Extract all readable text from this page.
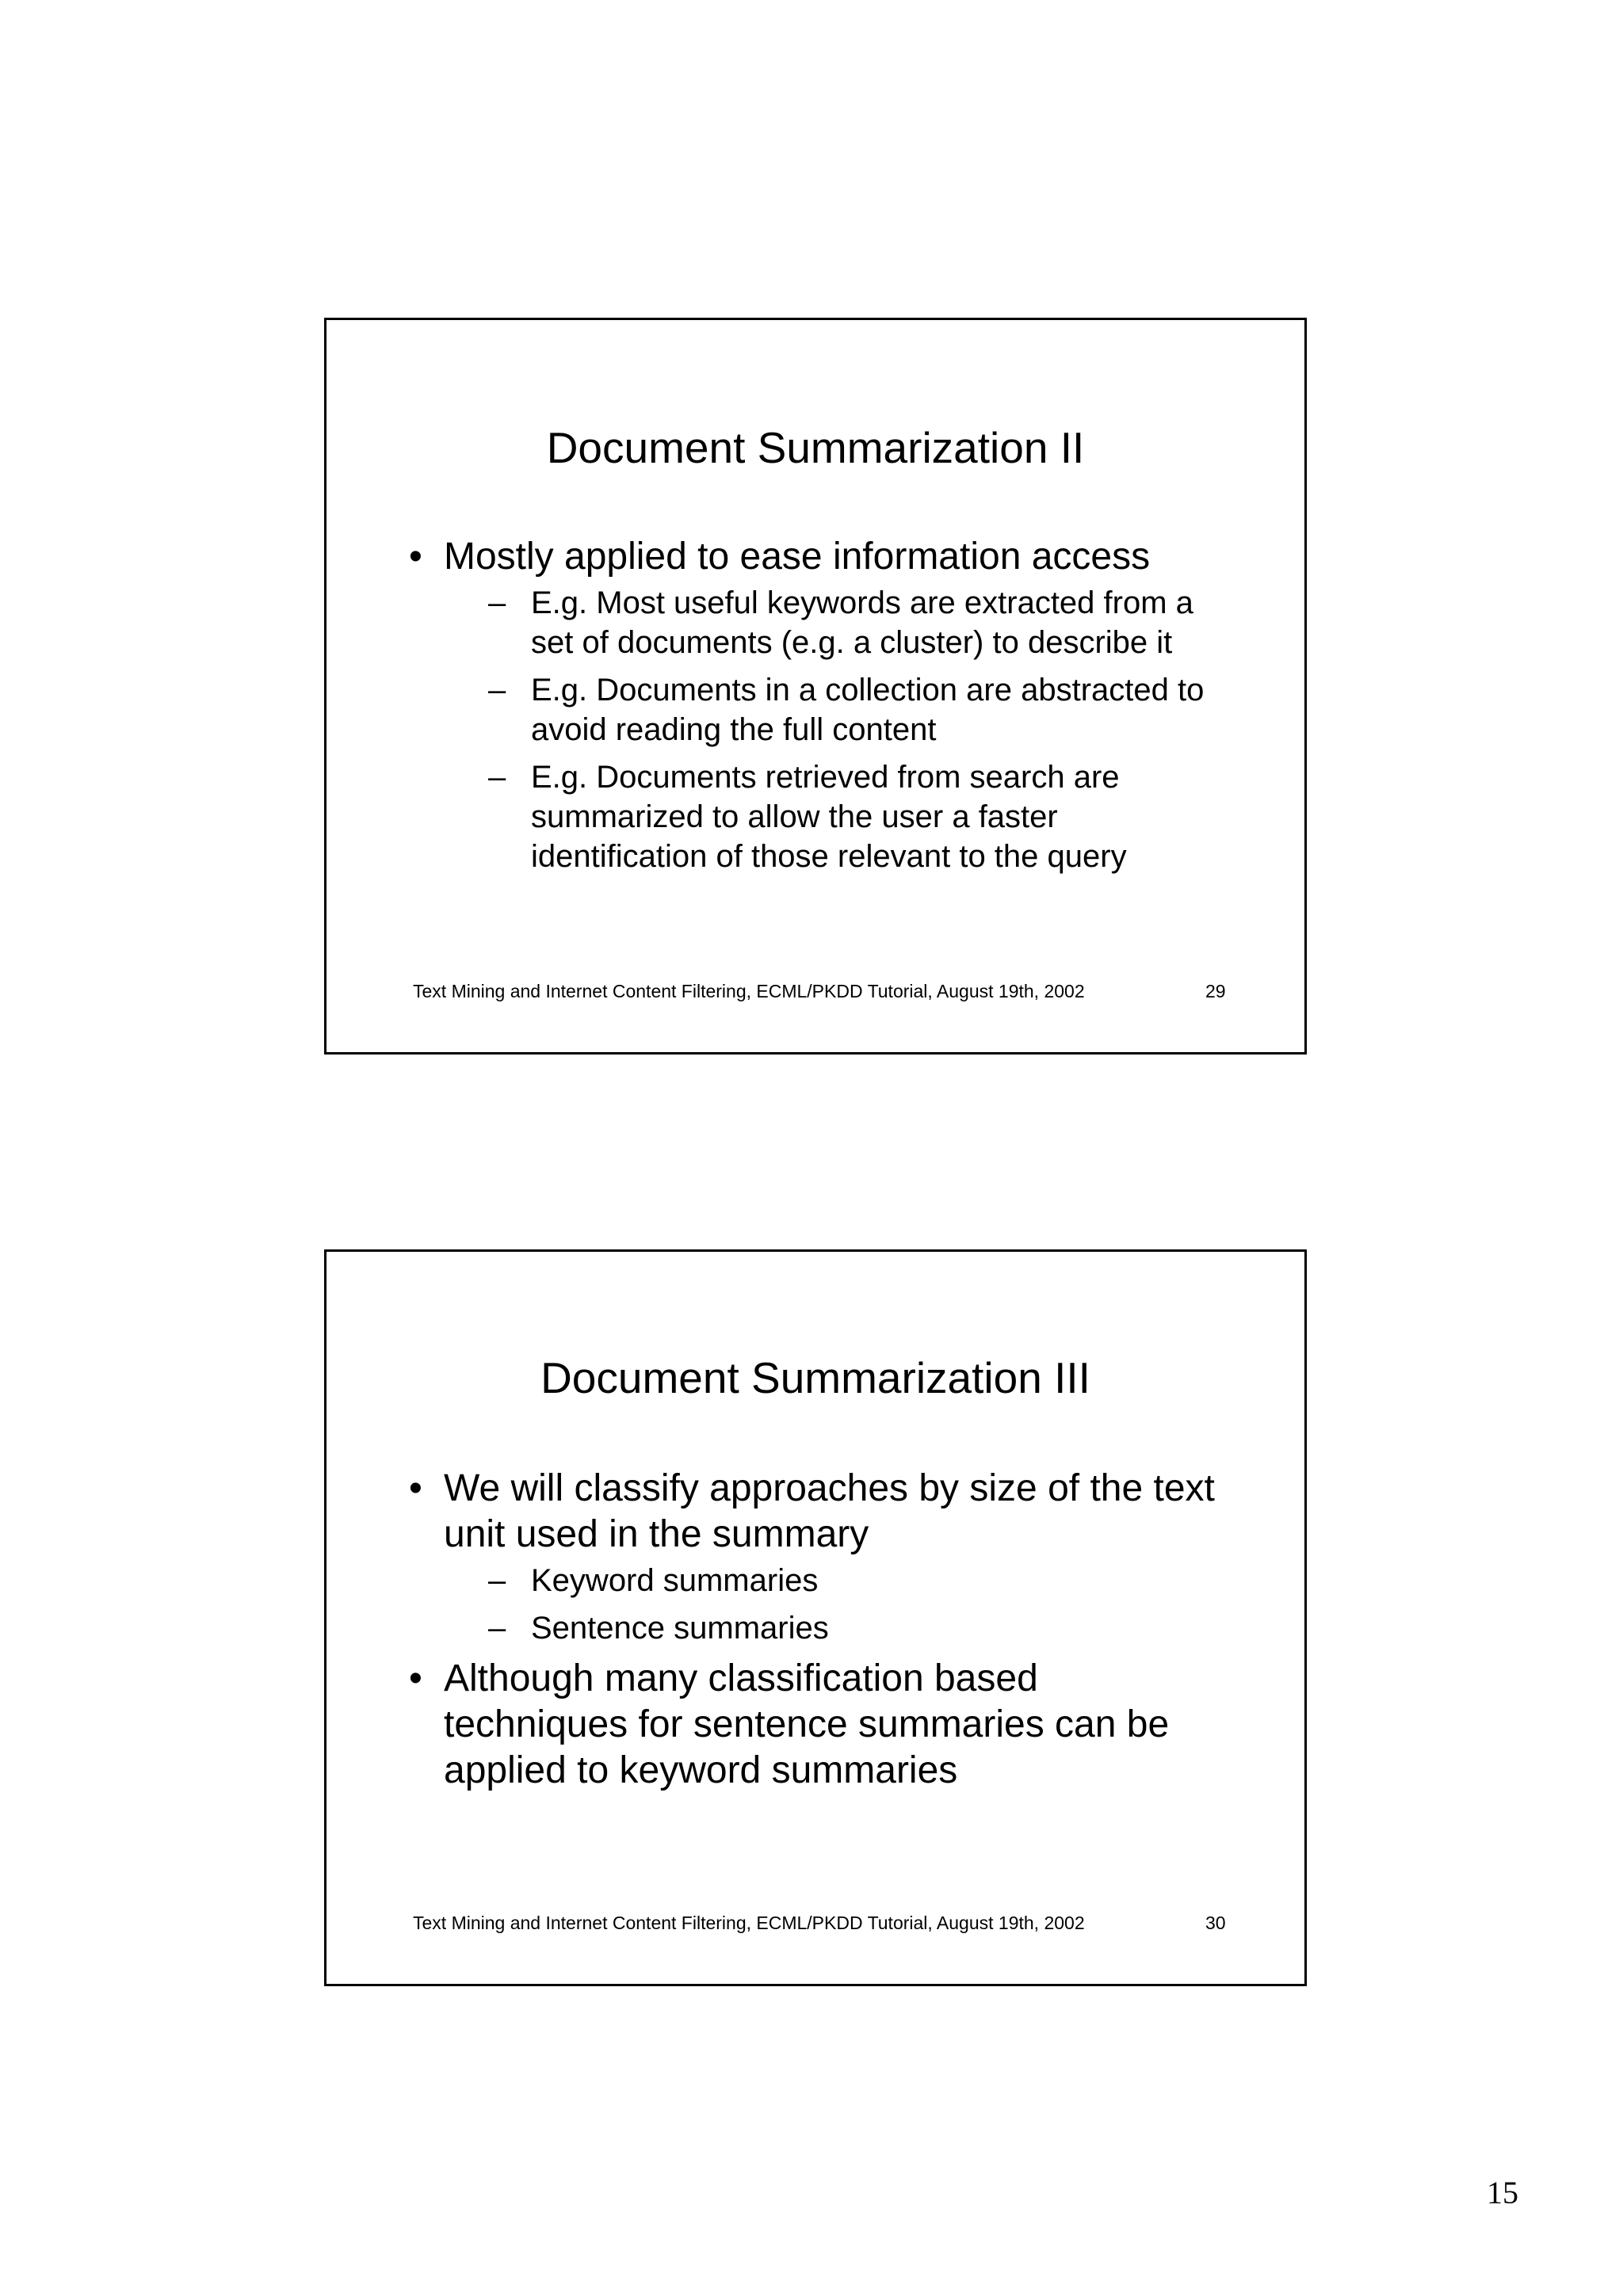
Document Summarization II
• Mostly applied to ease information access
– E.g. Most useful keywords are extracted from a
set of documents (e.g. a cluster) to describe it
– E.g. Documents in a collection are abstracted to
avoid reading the full content
– E.g. Documents retrieved from search are
summarized to allow the user a faster
identification of those relevant to the query
Text Mining and Internet Content Filtering, ECML/PKDD Tutorial, August 19th, 2002	29
Document Summarization III
• We will classify approaches by size of the text
unit used in the summary
– Keyword summaries
– Sentence summaries
• Although many classification based
techniques for sentence summaries can be
applied to keyword summaries
Text Mining and Internet Content Filtering, ECML/PKDD Tutorial, August 19th, 2002	30
15
